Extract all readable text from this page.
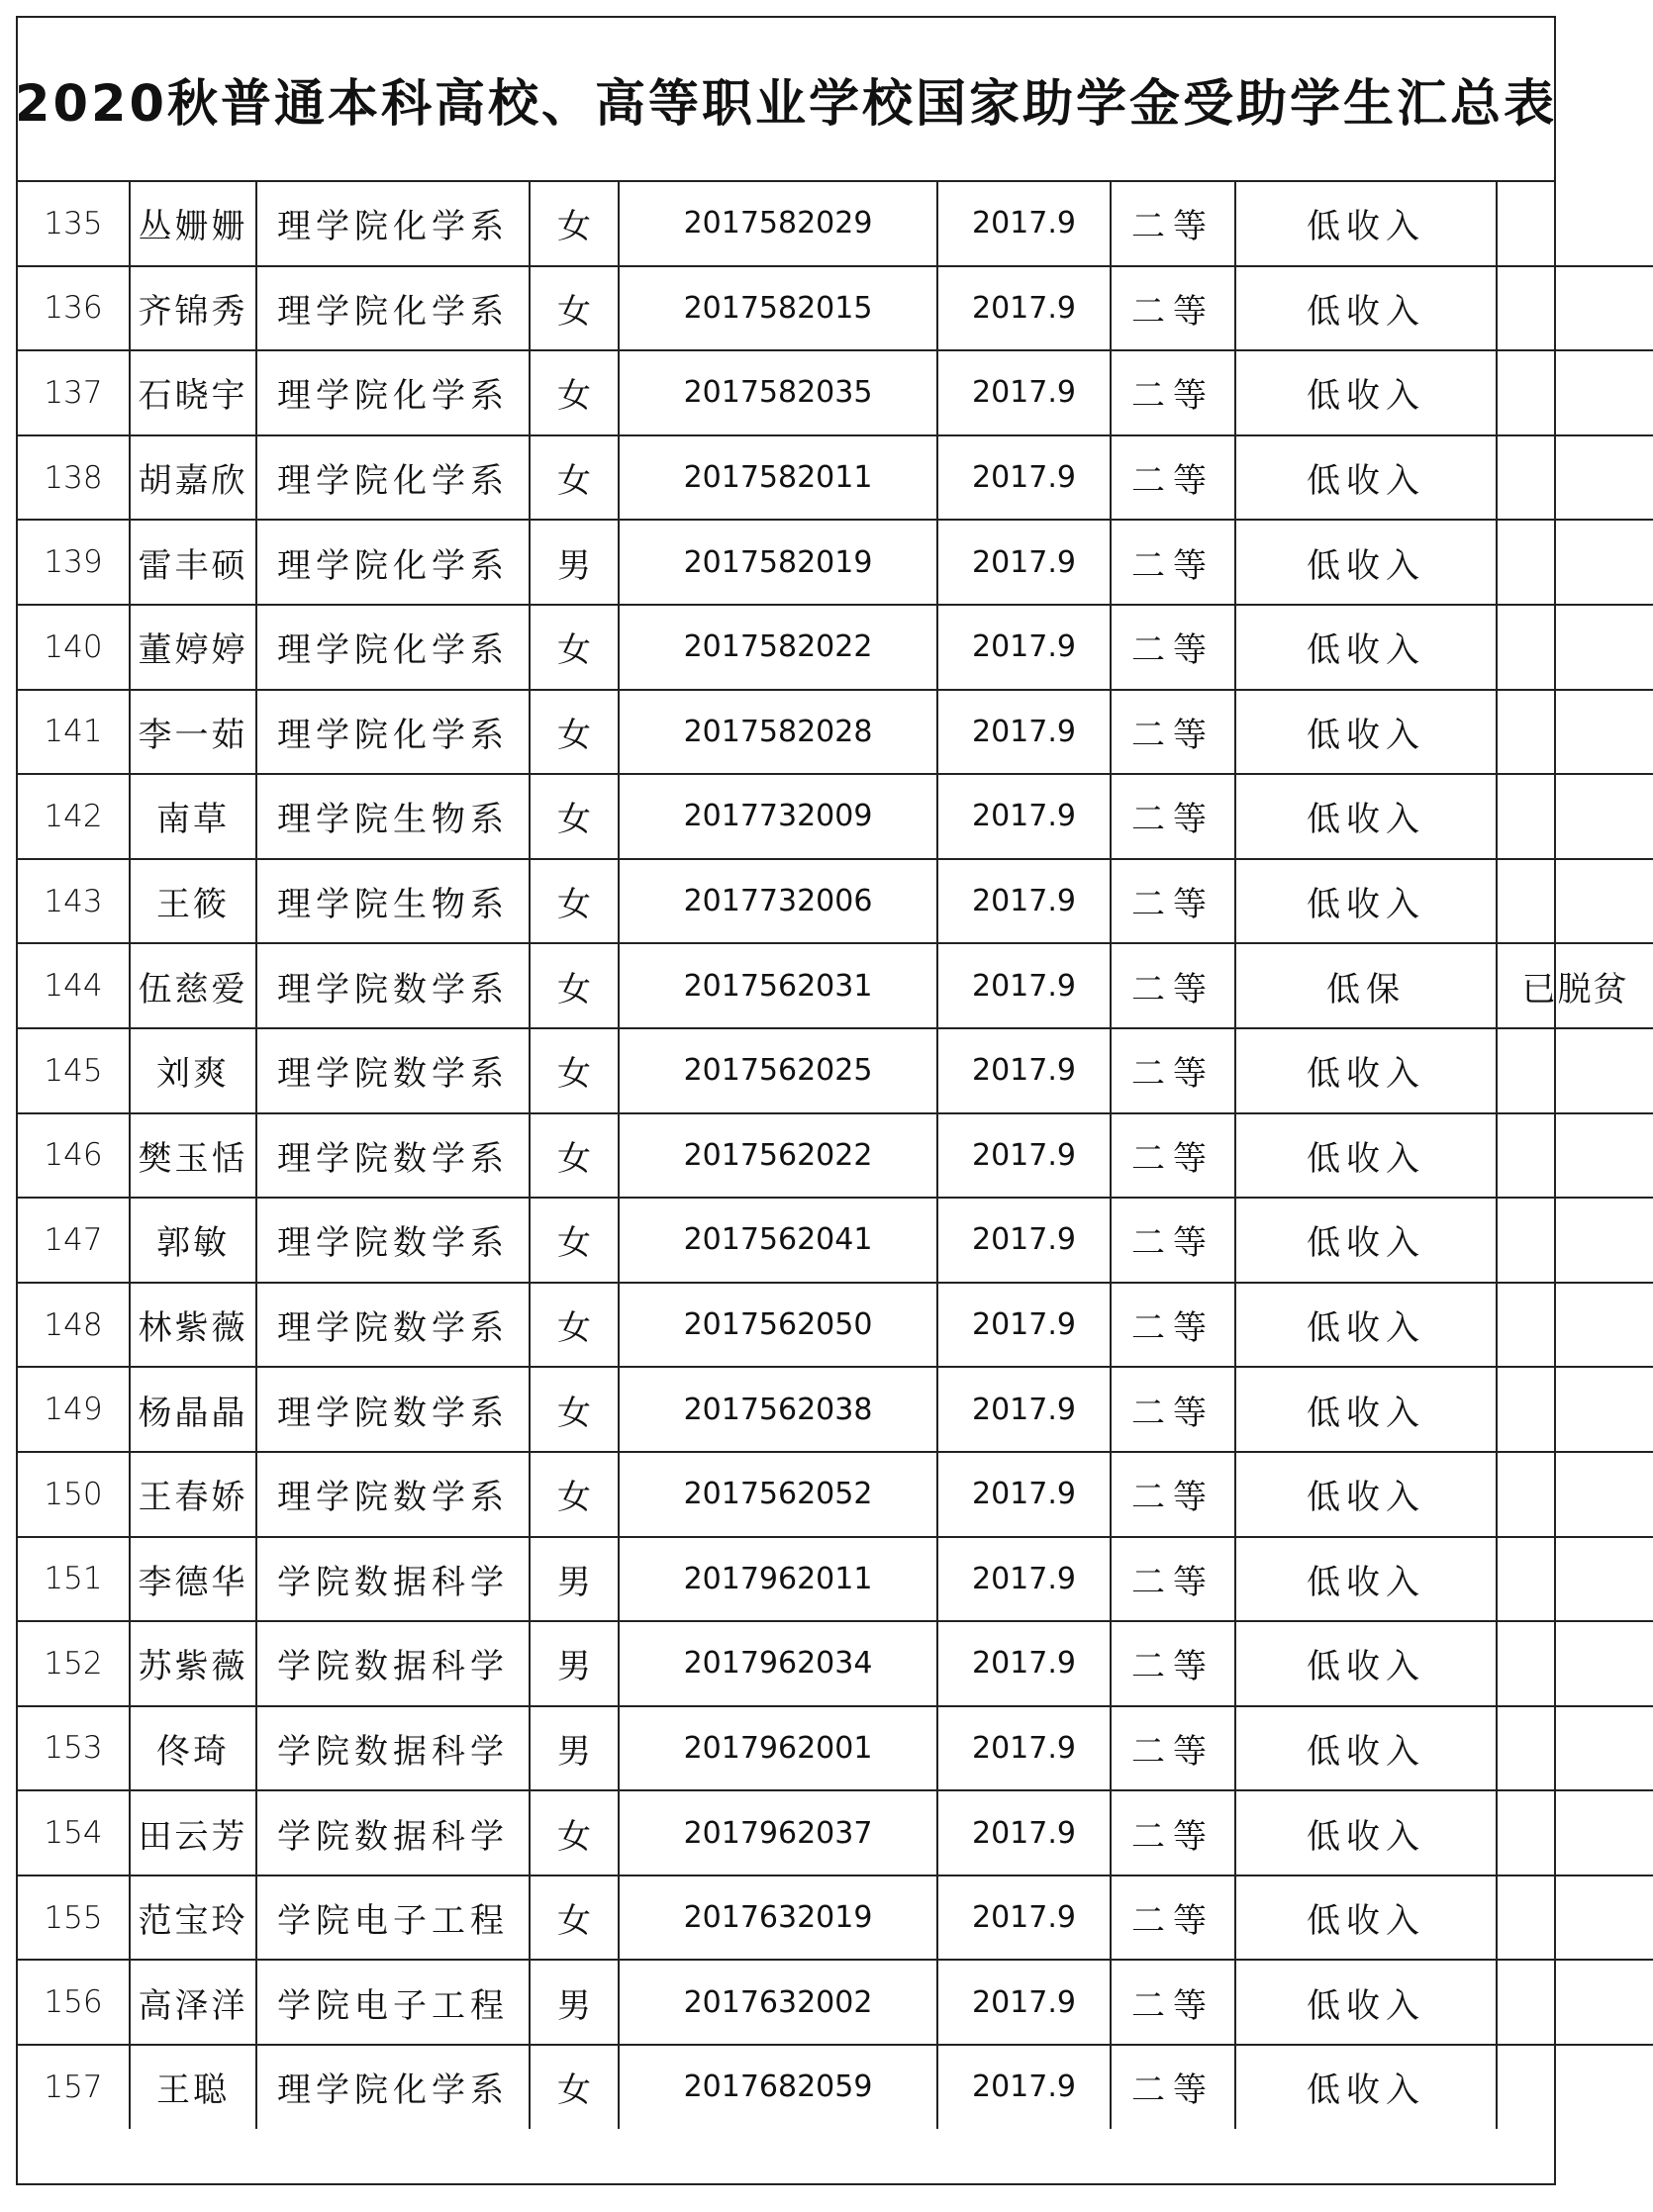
2020秋普通本科高校、高等职业学校国家助学金受助学生汇总表
135	丛姗姗	理学院化学系	女	2017582029	2017.9	二等	低收入	
136	齐锦秀	理学院化学系	女	2017582015	2017.9	二等	低收入	
137	石晓宇	理学院化学系	女	2017582035	2017.9	二等	低收入	
138	胡嘉欣	理学院化学系	女	2017582011	2017.9	二等	低收入	
139	雷丰硕	理学院化学系	男	2017582019	2017.9	二等	低收入	
140	董婷婷	理学院化学系	女	2017582022	2017.9	二等	低收入	
141	李一茹	理学院化学系	女	2017582028	2017.9	二等	低收入	
142	南草	理学院生物系	女	2017732009	2017.9	二等	低收入	
143	王筱	理学院生物系	女	2017732006	2017.9	二等	低收入	
144	伍慈爱	理学院数学系	女	2017562031	2017.9	二等	低保	已脱贫
145	刘爽	理学院数学系	女	2017562025	2017.9	二等	低收入	
146	樊玉恬	理学院数学系	女	2017562022	2017.9	二等	低收入	
147	郭敏	理学院数学系	女	2017562041	2017.9	二等	低收入	
148	林紫薇	理学院数学系	女	2017562050	2017.9	二等	低收入	
149	杨晶晶	理学院数学系	女	2017562038	2017.9	二等	低收入	
150	王春娇	理学院数学系	女	2017562052	2017.9	二等	低收入	
151	李德华	学院数据科学	男	2017962011	2017.9	二等	低收入	
152	苏紫薇	学院数据科学	男	2017962034	2017.9	二等	低收入	
153	佟琦	学院数据科学	男	2017962001	2017.9	二等	低收入	
154	田云芳	学院数据科学	女	2017962037	2017.9	二等	低收入	
155	范宝玲	学院电子工程	女	2017632019	2017.9	二等	低收入	
156	高泽洋	学院电子工程	男	2017632002	2017.9	二等	低收入	
157	王聪	理学院化学系	女	2017682059	2017.9	二等	低收入	
